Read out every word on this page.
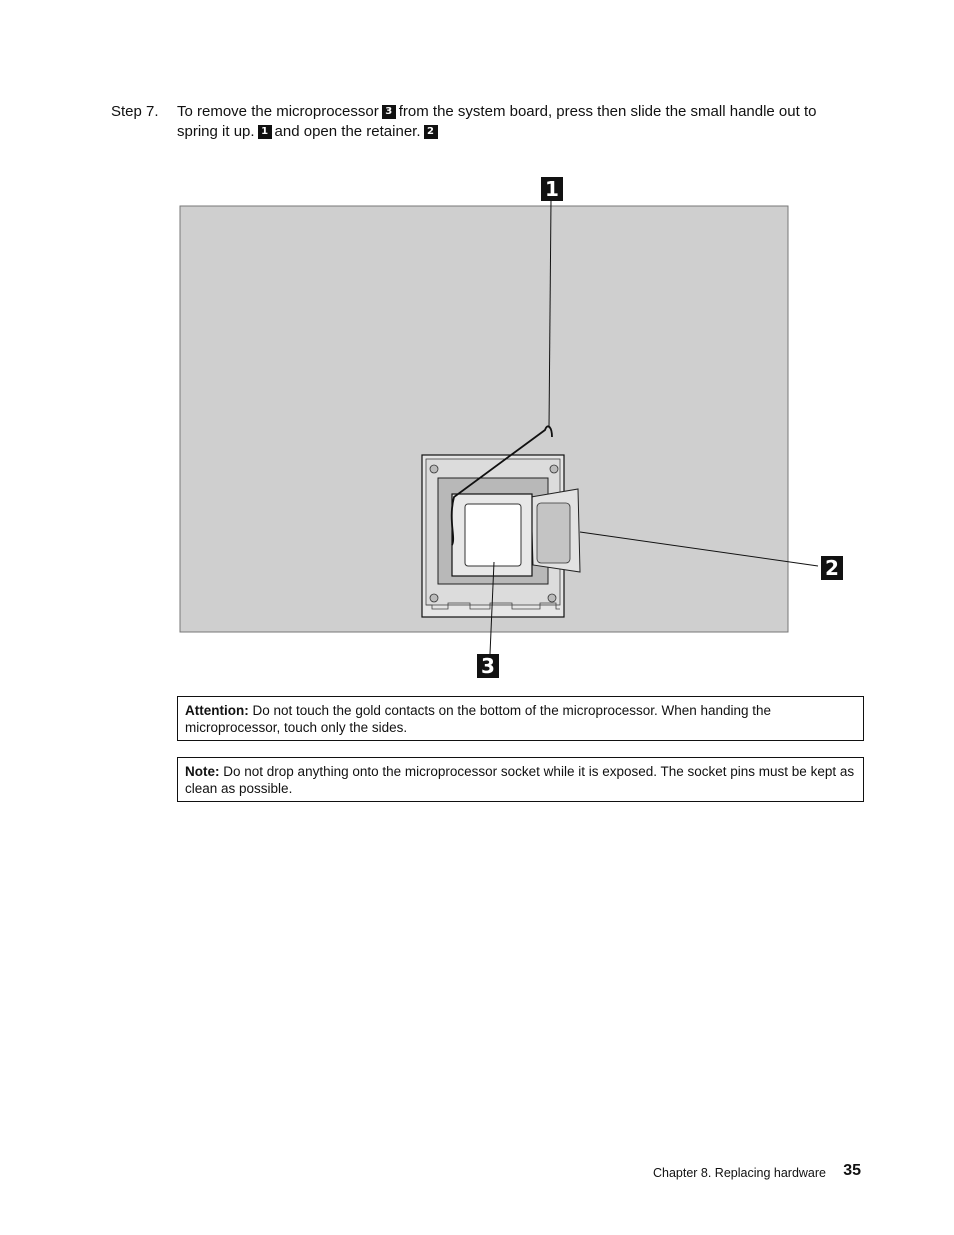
Step 7. To remove the microprocessor 3 from the system board, press then slide the small handle out to spring it up. 1 and open the retainer. 2
1
2
3
Attention: Do not touch the gold contacts on the bottom of the microprocessor. When handing the microprocessor, touch only the sides.
Note: Do not drop anything onto the microprocessor socket while it is exposed. The socket pins must be kept as clean as possible.
Chapter 8. Replacing hardware 35
